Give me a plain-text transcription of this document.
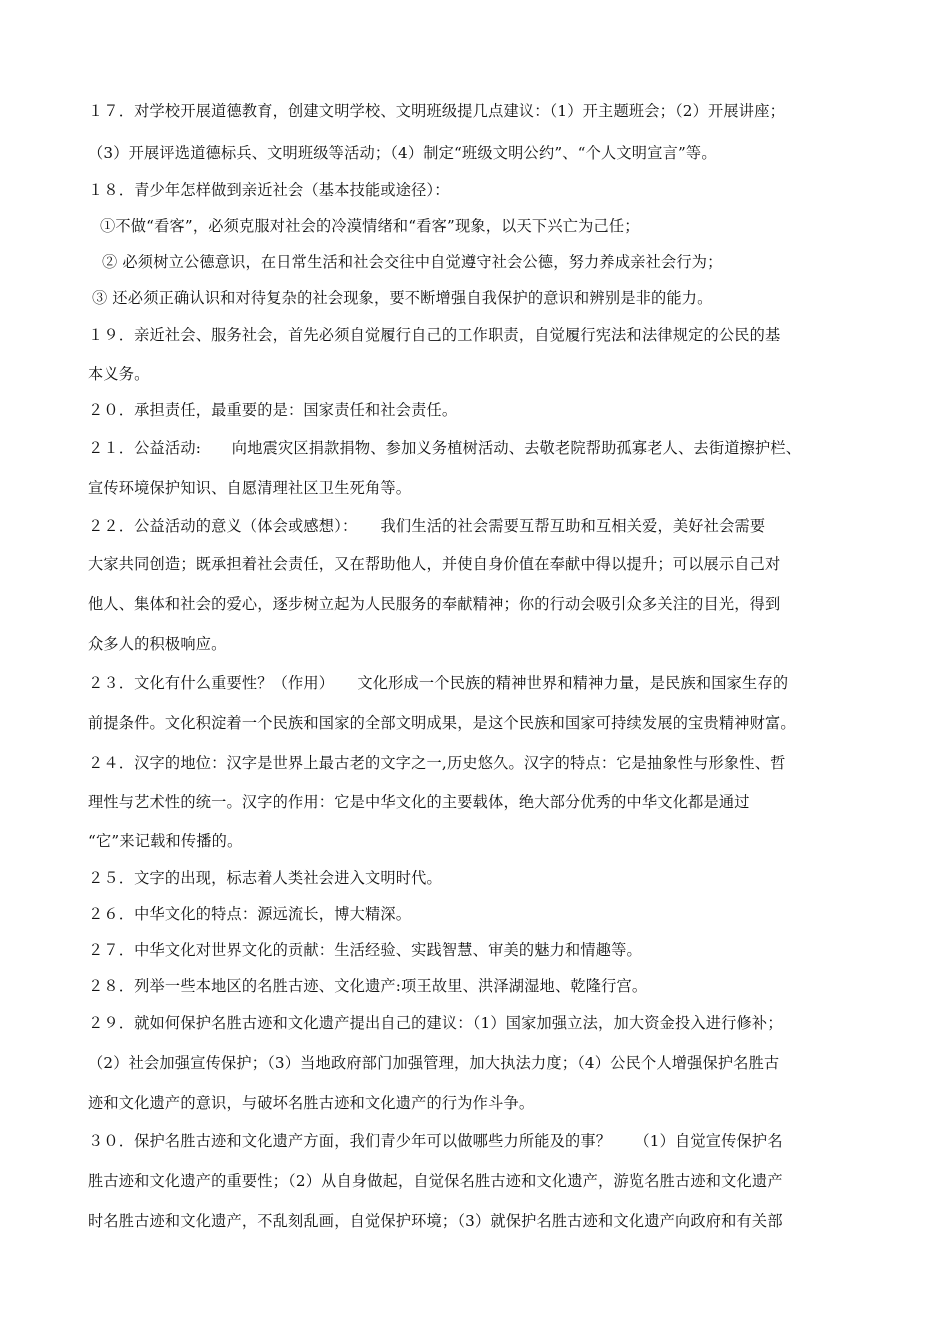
１７．对学校开展道德教育，创建文明学校、文明班级提几点建议：（1）开主题班会；（2）开展讲座；
（3）开展评选道德标兵、文明班级等活动；（4）制定“班级文明公约”、“个人文明宣言”等。
１８．青少年怎样做到亲近社会（基本技能或途径）：
①不做“看客”，必须克服对社会的冷漠情绪和“看客”现象，以天下兴亡为己任；
② 必须树立公德意识，在日常生活和社会交往中自觉遵守社会公德，努力养成亲社会行为；
③ 还必须正确认识和对待复杂的社会现象，要不断增强自我保护的意识和辨别是非的能力。
１９．亲近社会、服务社会，首先必须自觉履行自己的工作职责，自觉履行宪法和法律规定的公民的基
本义务。
２０．承担责任，最重要的是：国家责任和社会责任。
２１．公益活动:　　向地震灾区捐款捐物、参加义务植树活动、去敬老院帮助孤寡老人、去街道擦护栏、
宣传环境保护知识、自愿清理社区卫生死角等。
２２．公益活动的意义（体会或感想）：　　我们生活的社会需要互帮互助和互相关爱，美好社会需要
大家共同创造；既承担着社会责任，又在帮助他人，并使自身价值在奉献中得以提升；可以展示自己对
他人、集体和社会的爱心，逐步树立起为人民服务的奉献精神；你的行动会吸引众多关注的目光，得到
众多人的积极响应。
２３．文化有什么重要性？（作用）　　文化形成一个民族的精神世界和精神力量，是民族和国家生存的
前提条件。文化积淀着一个民族和国家的全部文明成果，是这个民族和国家可持续发展的宝贵精神财富。
２４．汉字的地位：汉字是世界上最古老的文字之一,历史悠久。汉字的特点：它是抽象性与形象性、哲
理性与艺术性的统一。汉字的作用：它是中华文化的主要载体，绝大部分优秀的中华文化都是通过
“它”来记载和传播的。
２５．文字的出现，标志着人类社会进入文明时代。
２６．中华文化的特点：源远流长，博大精深。
２７．中华文化对世界文化的贡献：生活经验、实践智慧、审美的魅力和情趣等。
２８．列举一些本地区的名胜古迹、文化遗产:项王故里、洪泽湖湿地、乾隆行宫。
２９．就如何保护名胜古迹和文化遗产提出自己的建议：（1）国家加强立法，加大资金投入进行修补；
（2）社会加强宣传保护；（3）当地政府部门加强管理，加大执法力度；（4）公民个人增强保护名胜古
迹和文化遗产的意识，与破坏名胜古迹和文化遗产的行为作斗争。
３０．保护名胜古迹和文化遗产方面，我们青少年可以做哪些力所能及的事？　　（1）自觉宣传保护名
胜古迹和文化遗产的重要性；（2）从自身做起，自觉保名胜古迹和文化遗产，游览名胜古迹和文化遗产
时名胜古迹和文化遗产，不乱刻乱画，自觉保护环境；（3）就保护名胜古迹和文化遗产向政府和有关部
